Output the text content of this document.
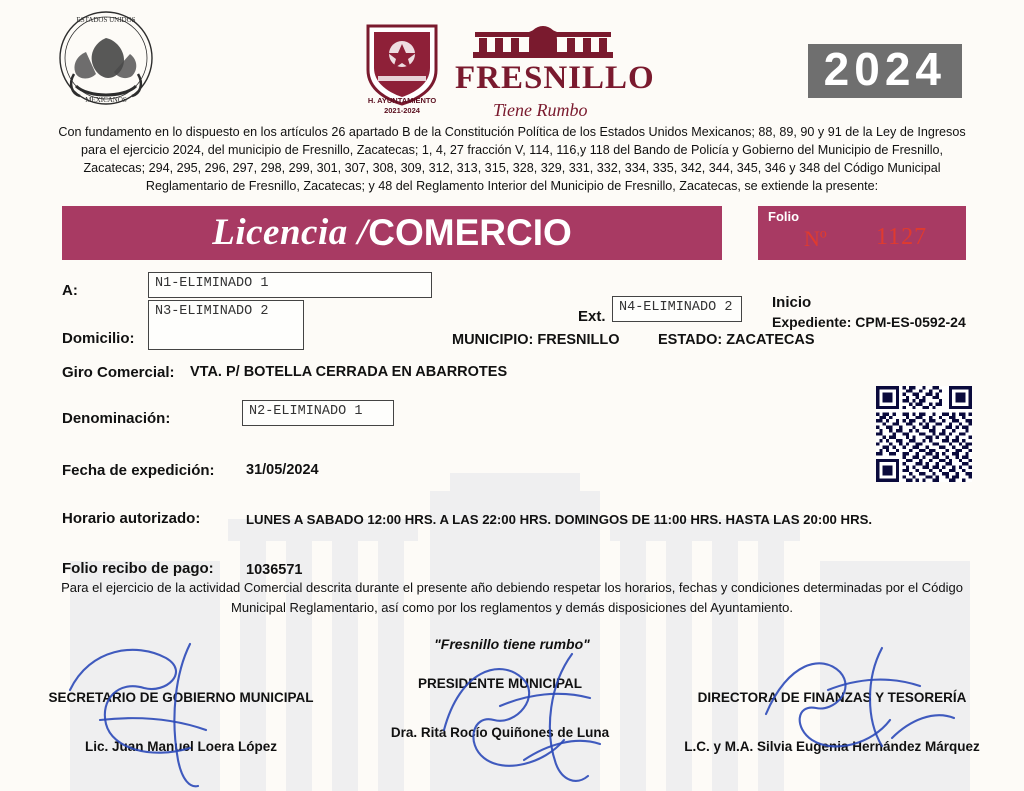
ESTADOS UNIDOS
MEXICANOS	H. AYUNTAMIENTO
2021-2024
FRESNILLO
Tiene Rumbo
2024
Con fundamento en lo dispuesto en los artículos 26 apartado B de la Constitución Política de los Estados Unidos Mexicanos; 88, 89, 90 y 91 de la Ley de Ingresos para el ejercicio 2024, del municipio de Fresnillo, Zacatecas; 1, 4, 27 fracción V, 114, 116,y 118 del Bando de Policía y Gobierno del Municipio de Fresnillo, Zacatecas; 294, 295, 296, 297, 298, 299, 301, 307, 308, 309, 312, 313, 315, 328, 329, 331, 332, 334, 335, 342, 344, 345, 346 y 348 del Código Municipal Reglamentario de Fresnillo, Zacatecas; y 48 del Reglamento Interior del Municipio de Fresnillo, Zacatecas, se extiende la presente:
Licencia / COMERCIO	Folio
Nº 1127
A:	N1-ELIMINADO 1
Domicilio:
N3-ELIMINADO 2	Ext.
N4-ELIMINADO 2
MUNICIPIO: FRESNILLO	ESTADO: ZACATECAS
Inicio
Expediente: CPM-ES-0592-24
Giro Comercial: VTA. P/ BOTELLA CERRADA EN ABARROTES
Denominación:	N2-ELIMINADO 1
Fecha de expedición: 31/05/2024
Horario autorizado:	LUNES A SABADO 12:00 HRS. A LAS 22:00 HRS. DOMINGOS DE 11:00 HRS. HASTA LAS 20:00 HRS.
Folio recibo de pago: 1036571
Para el ejercicio de la actividad Comercial descrita durante el presente año debiendo respetar los horarios, fechas y condiciones determinadas por el Código Municipal Reglamentario, así como por los reglamentos y demás disposiciones del Ayuntamiento.
"Fresnillo tiene rumbo"
SECRETARIO DE GOBIERNO MUNICIPAL
Lic. Juan Manuel Loera López
PRESIDENTE MUNICIPAL
Dra. Rita Rocío Quiñones de Luna
DIRECTORA DE FINANZAS Y TESORERÍA
L.C. y M.A. Silvia Eugenia Hernández Márquez
